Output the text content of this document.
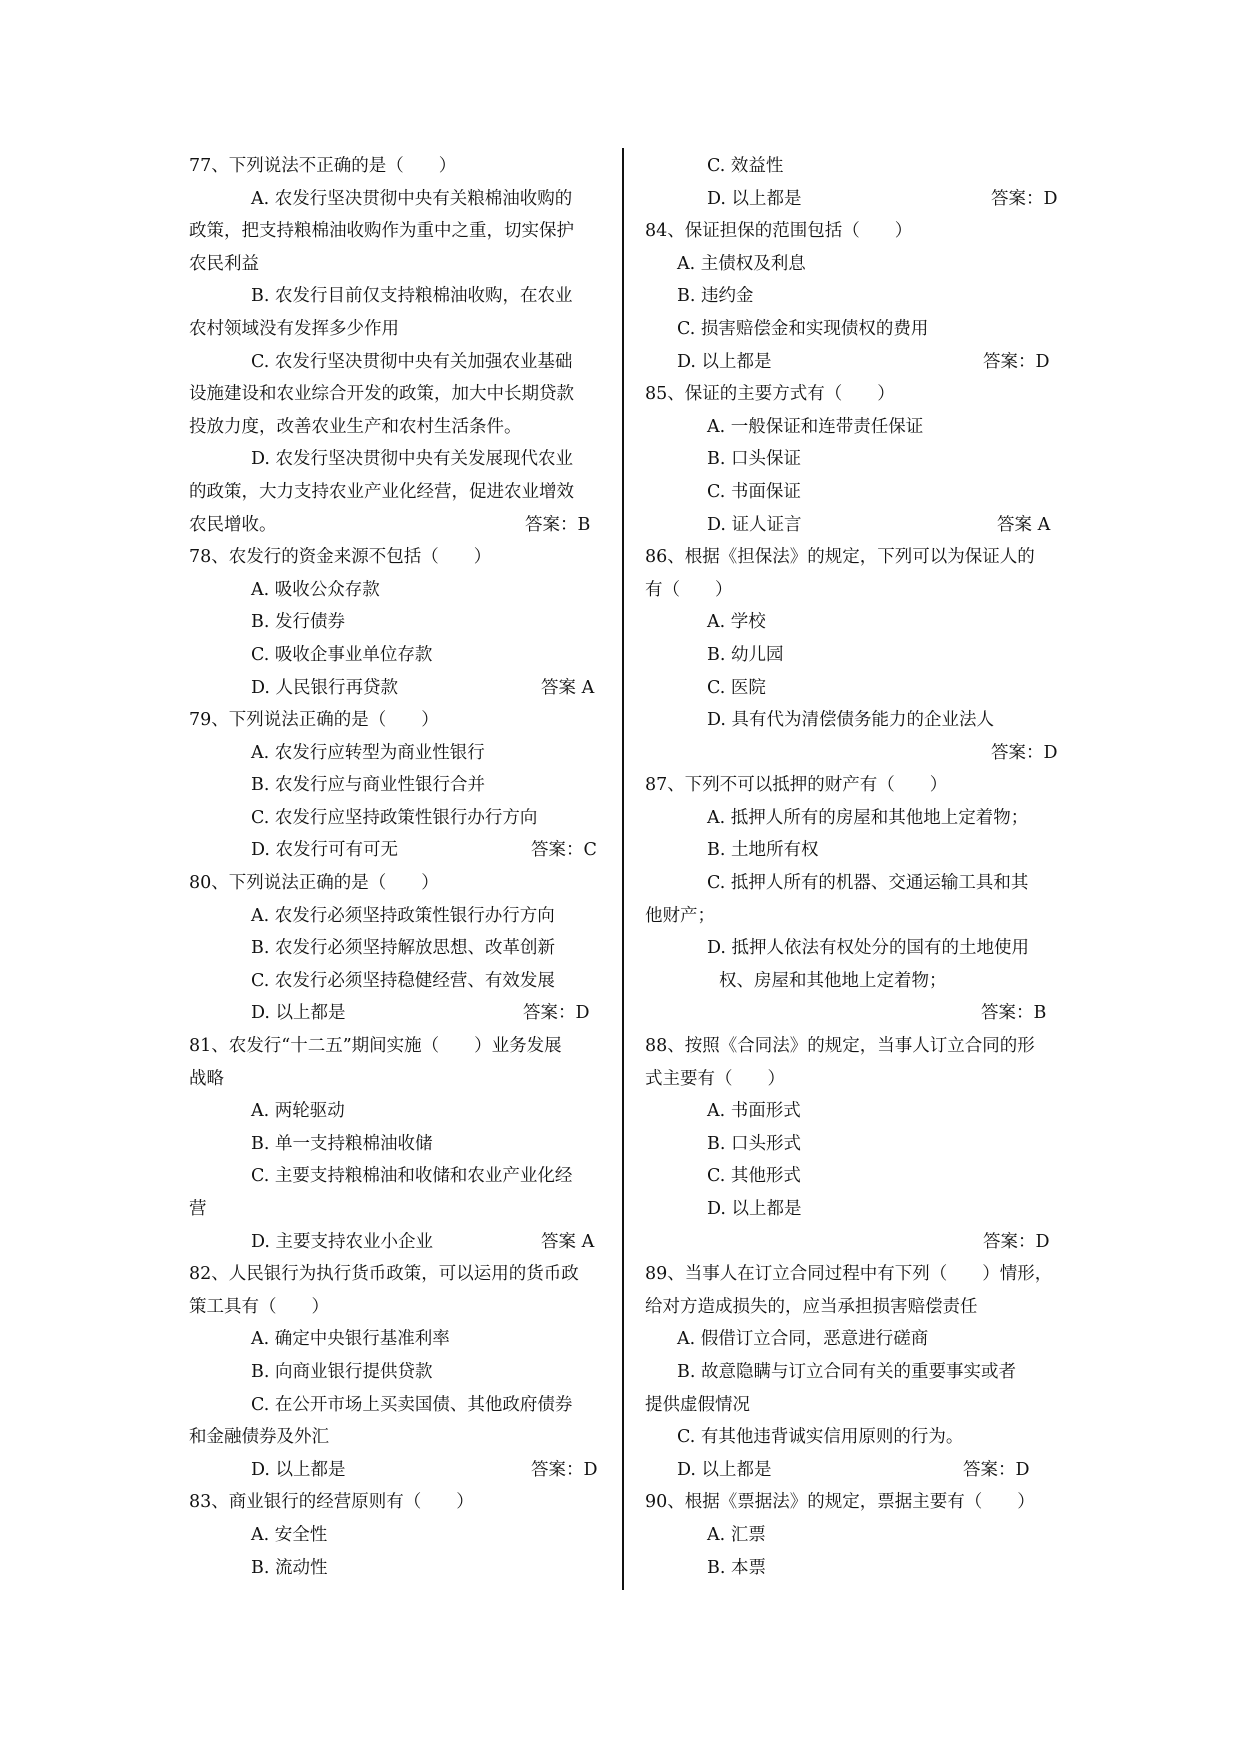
77、下列说法不正确的是（　　）
A. 农发行坚决贯彻中央有关粮棉油收购的
政策，把支持粮棉油收购作为重中之重，切实保护
农民利益
B. 农发行目前仅支持粮棉油收购，在农业
农村领域没有发挥多少作用
C. 农发行坚决贯彻中央有关加强农业基础
设施建设和农业综合开发的政策，加大中长期贷款
投放力度，改善农业生产和农村生活条件。
D. 农发行坚决贯彻中央有关发展现代农业
的政策，大力支持农业产业化经营，促进农业增效
农民增收。	答案：B
78、农发行的资金来源不包括（　　）
A. 吸收公众存款
B. 发行债券
C. 吸收企事业单位存款
D. 人民银行再贷款	答案 A
79、下列说法正确的是（　　）
A. 农发行应转型为商业性银行
B. 农发行应与商业性银行合并
C. 农发行应坚持政策性银行办行方向
D. 农发行可有可无	答案：C
80、下列说法正确的是（　　）
A. 农发行必须坚持政策性银行办行方向
B. 农发行必须坚持解放思想、改革创新
C. 农发行必须坚持稳健经营、有效发展
D. 以上都是	答案：D
81、农发行“十二五”期间实施（　　）业务发展
战略
A. 两轮驱动
B. 单一支持粮棉油收储
C. 主要支持粮棉油和收储和农业产业化经
营
D. 主要支持农业小企业	答案 A
82、人民银行为执行货币政策，可以运用的货币政
策工具有（　　）
A. 确定中央银行基准利率
B. 向商业银行提供贷款
C. 在公开市场上买卖国债、其他政府债券
和金融债券及外汇
D. 以上都是	答案：D
83、商业银行的经营原则有（　　）
A. 安全性
B. 流动性
C. 效益性
D. 以上都是	答案：D
84、保证担保的范围包括（　　）
A. 主债权及利息
B. 违约金
C. 损害赔偿金和实现债权的费用
D. 以上都是	答案：D
85、保证的主要方式有（　　）
A. 一般保证和连带责任保证
B. 口头保证
C. 书面保证
D. 证人证言	答案 A
86、根据《担保法》的规定，下列可以为保证人的
有（　　）
A. 学校
B. 幼儿园
C. 医院
D. 具有代为清偿债务能力的企业法人
答案：D
87、下列不可以抵押的财产有（　　）
A. 抵押人所有的房屋和其他地上定着物；
B. 土地所有权
C. 抵押人所有的机器、交通运输工具和其
他财产；
D. 抵押人依法有权处分的国有的土地使用
权、房屋和其他地上定着物；
答案：B
88、按照《合同法》的规定，当事人订立合同的形
式主要有（　　）
A. 书面形式
B. 口头形式
C. 其他形式
D. 以上都是
答案：D
89、当事人在订立合同过程中有下列（　　）情形，
给对方造成损失的，应当承担损害赔偿责任
A. 假借订立合同，恶意进行磋商
B. 故意隐瞒与订立合同有关的重要事实或者
提供虚假情况
C. 有其他违背诚实信用原则的行为。
D. 以上都是	答案：D
90、根据《票据法》的规定，票据主要有（　　）
A. 汇票
B. 本票
